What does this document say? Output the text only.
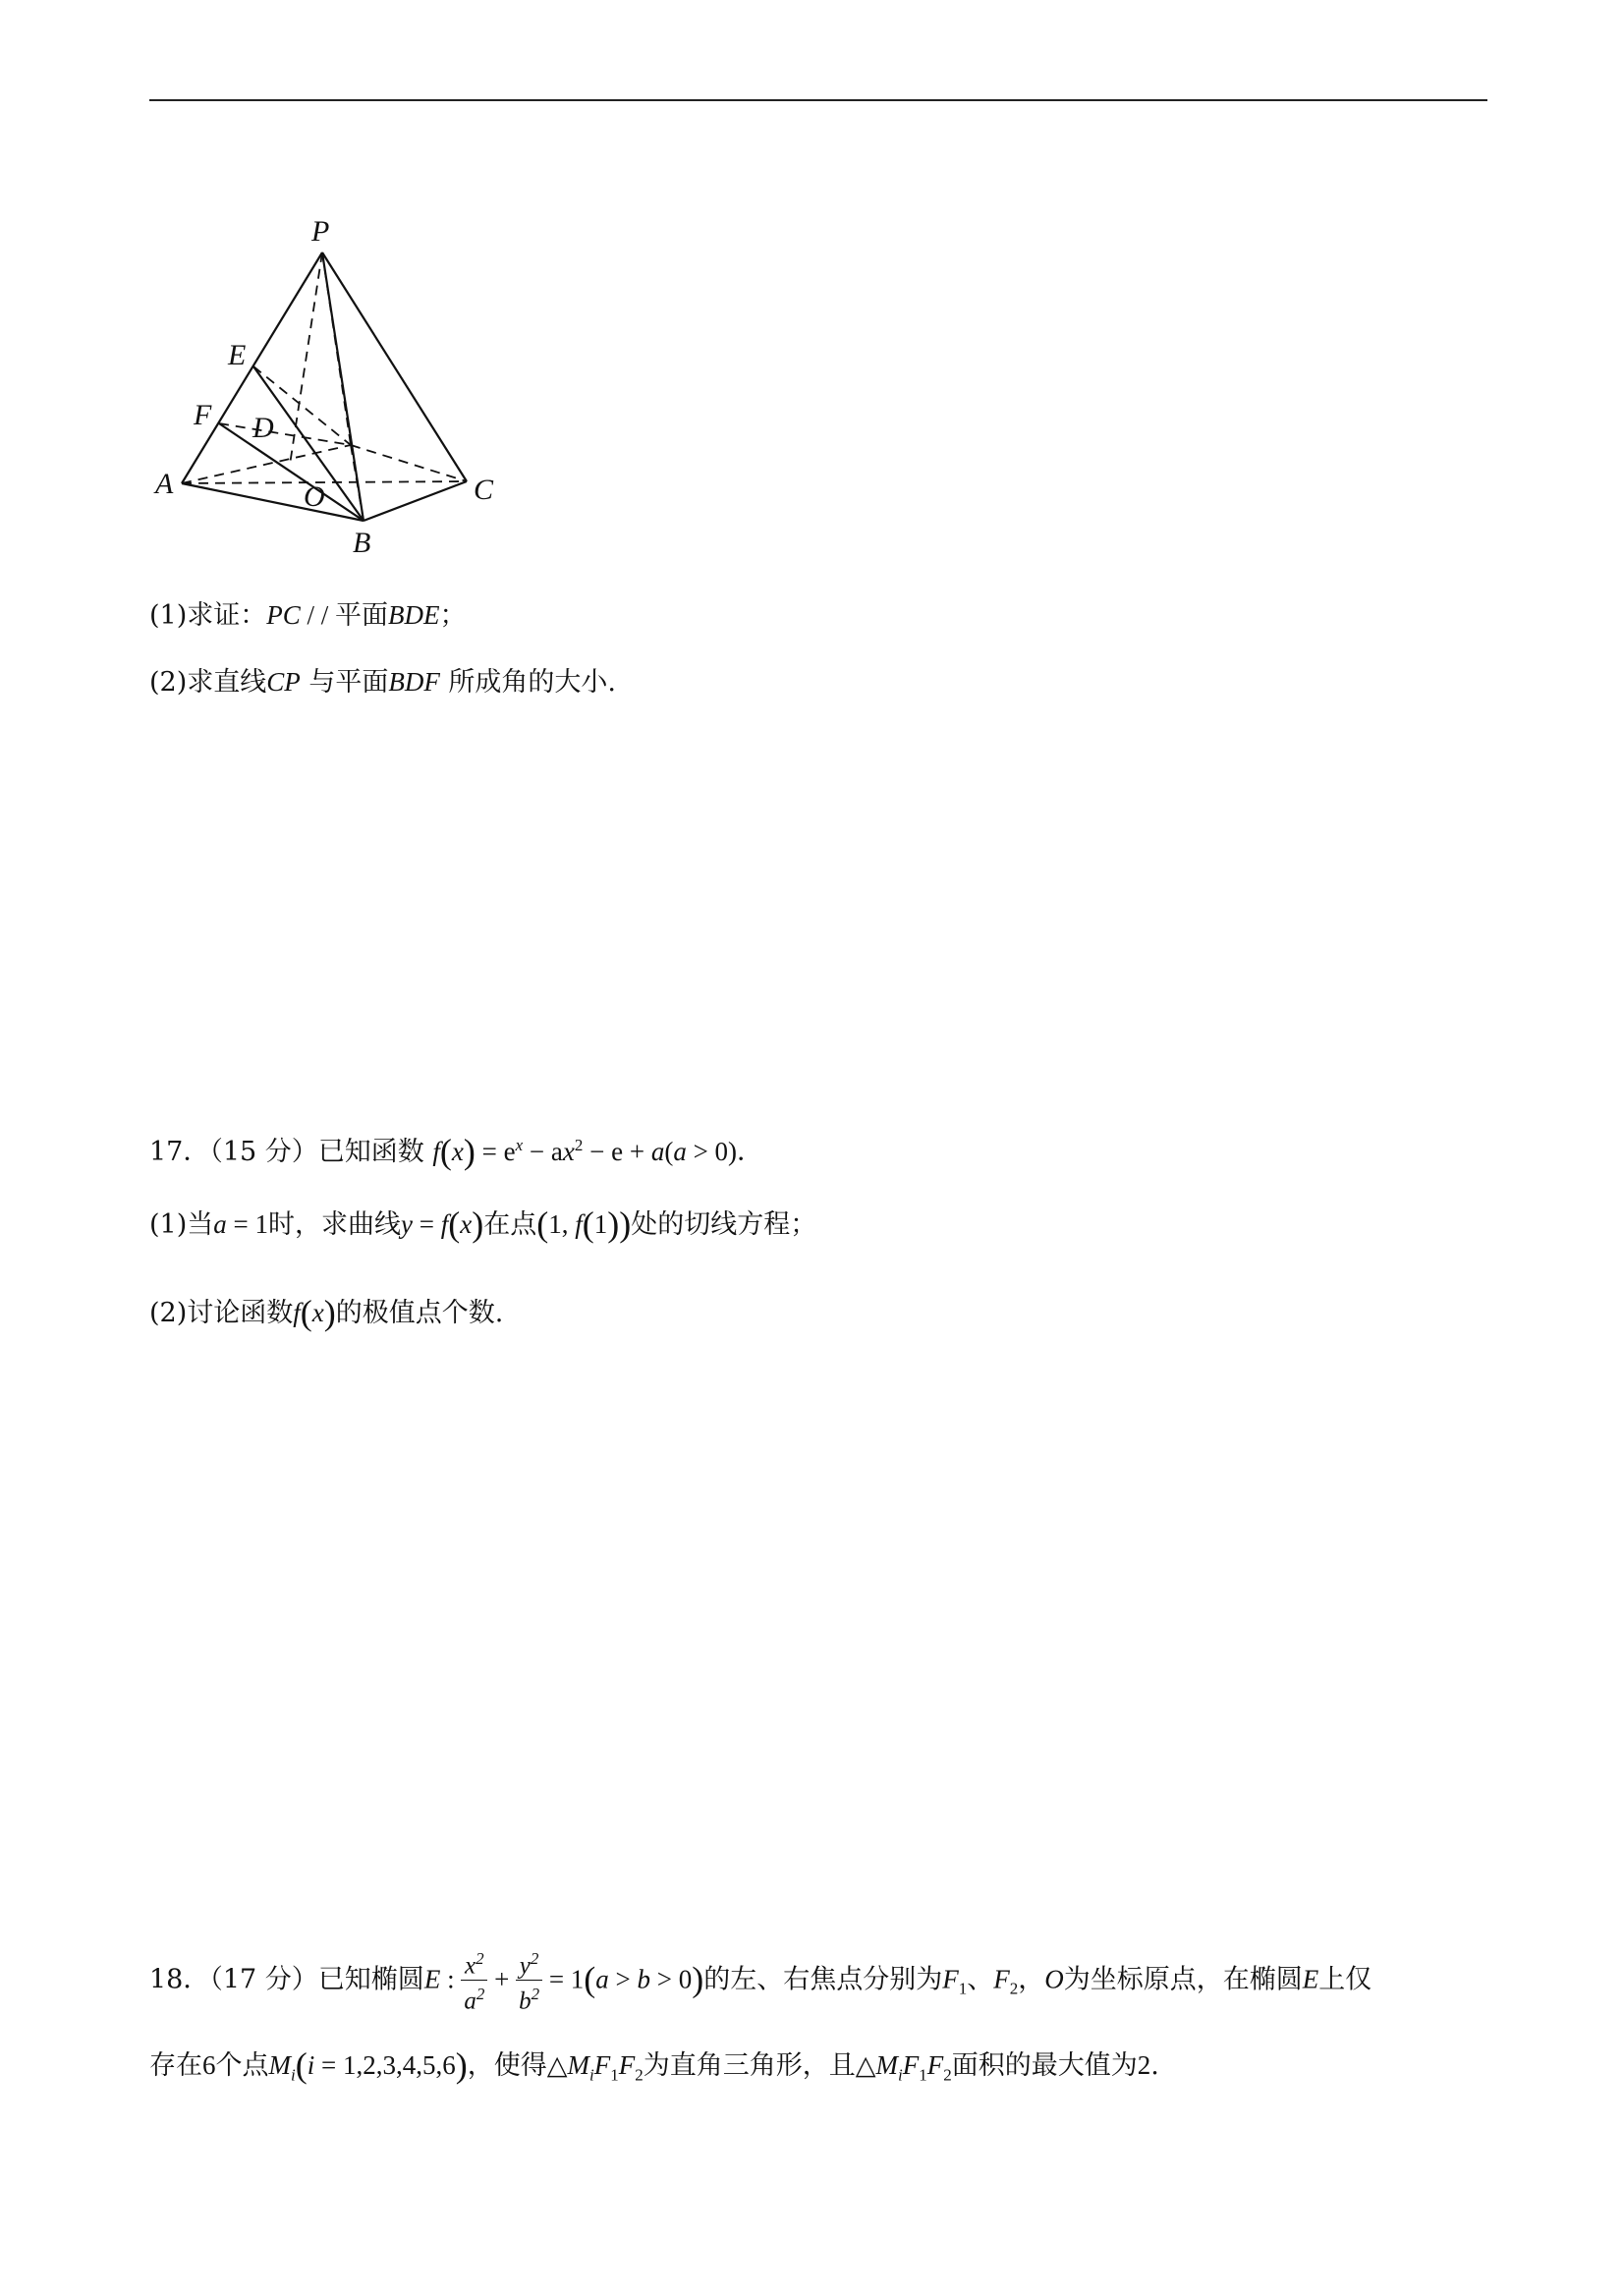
P
E
F D
A	O	C
B
(1)求证：PC / / 平面BDE；
(2)求直线CP 与平面BDF 所成角的大小.
17．（15 分）已知函数 $f(x) = e^x - ax^2 - e + a(a > 0)$．
(1)当a = 1时，求曲线y = f(x)在点(1, f(1))处的切线方程；
(2)讨论函数f(x)的极值点个数.
18．（17 分）已知椭圆E : $\frac{x^2}{a^2} + \frac{y^2}{b^2} = 1(a > b > 0)$的左、右焦点分别为$F_1$、$F_2$，O为坐标原点，在椭圆E上仅
存在6个点$M_i(i = 1,2,3,4,5,6)$，使得$\triangle M_iF_1F_2$为直角三角形，且$\triangle M_iF_1F_2$面积的最大值为2.
